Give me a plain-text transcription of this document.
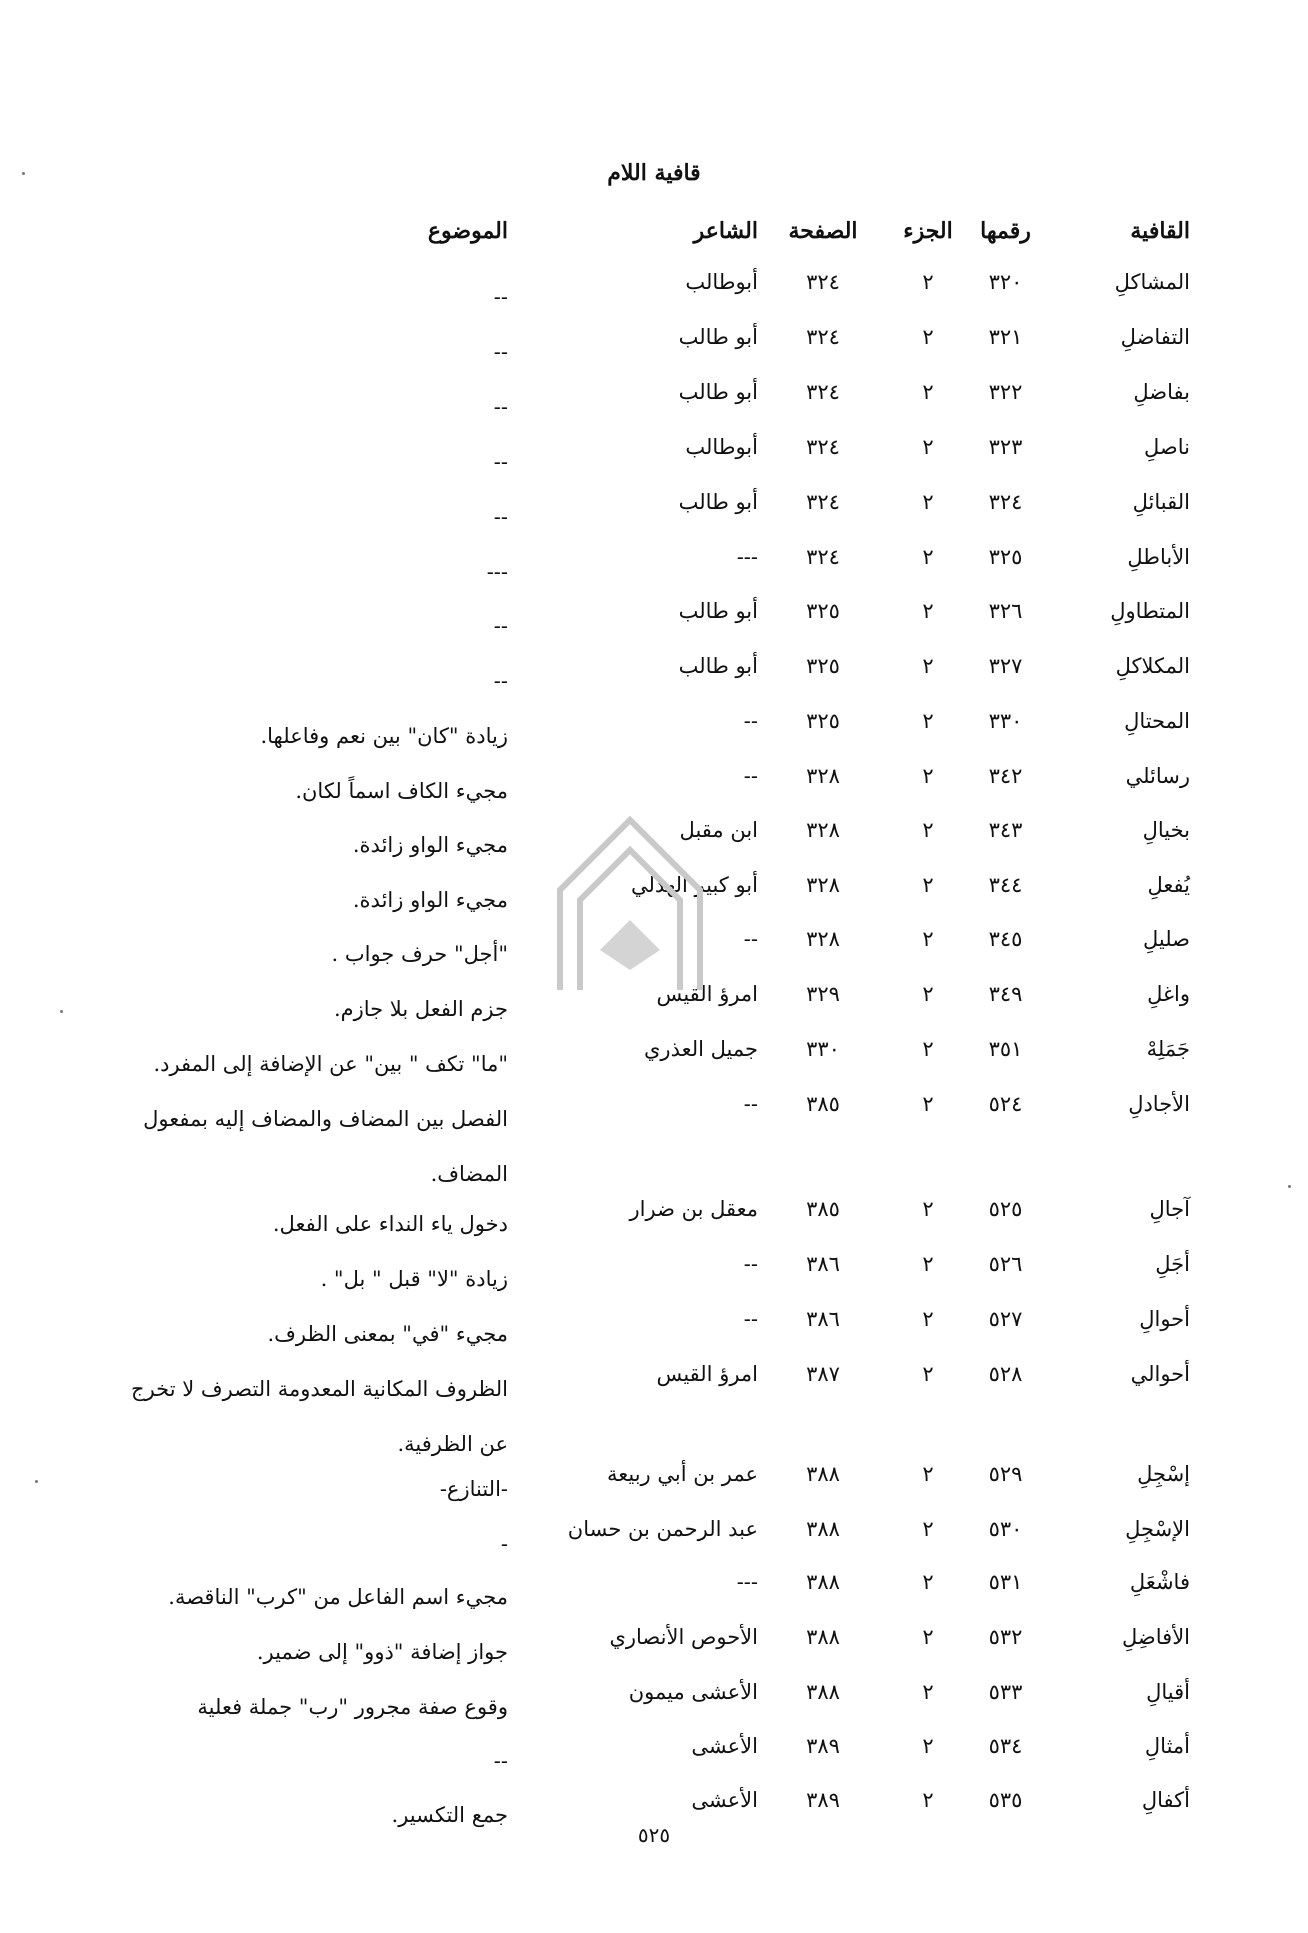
قافية اللام
القافية
رقمها
الجزء
الصفحة
الشاعر
الموضوع
المشاكلِ
٣٢٠
٢
٣٢٤
أبوطالب
--
التفاضلِ
٣٢١
٢
٣٢٤
أبو طالب
--
بفاضلِ
٣٢٢
٢
٣٢٤
أبو طالب
--
ناصلِ
٣٢٣
٢
٣٢٤
أبوطالب
--
القبائلِ
٣٢٤
٢
٣٢٤
أبو طالب
--
الأباطلِ
٣٢٥
٢
٣٢٤
---
---
المتطاولِ
٣٢٦
٢
٣٢٥
أبو طالب
--
المكلاكلِ
٣٢٧
٢
٣٢٥
أبو طالب
--
المحتالِ
٣٣٠
٢
٣٢٥
--
زيادة "كان" بين نعم وفاعلها.
رسائلي
٣٤٢
٢
٣٢٨
--
مجيء الكاف اسماً لكان.
بخيالِ
٣٤٣
٢
٣٢٨
ابن مقبل
مجيء الواو زائدة.
يُفعلِ
٣٤٤
٢
٣٢٨
أبو كبير الهذلي
مجيء الواو زائدة.
صليلِ
٣٤٥
٢
٣٢٨
--
"أجل" حرف جواب .
واغلِ
٣٤٩
٢
٣٢٩
امرؤ القيس
جزم الفعل بلا جازم.
جَمَلِهْ
٣٥١
٢
٣٣٠
جميل العذري
"ما" تكف " بين" عن الإضافة إلى المفرد.
الأجادلِ
٥٢٤
٢
٣٨٥
--
الفصل بين المضاف والمضاف إليه بمفعول المضاف.
آجالِ
٥٢٥
٢
٣٨٥
معقل بن ضرار
دخول ياء النداء على الفعل.
أجَلِ
٥٢٦
٢
٣٨٦
--
زيادة "لا" قبل " بل" .
أحوالِ
٥٢٧
٢
٣٨٦
--
مجيء "في" بمعنى الظرف.
أحوالي
٥٢٨
٢
٣٨٧
امرؤ القيس
الظروف المكانية المعدومة التصرف لا تخرج عن الظرفية.
إسْجِلِ
٥٢٩
٢
٣٨٨
عمر بن أبي ربيعة
-التنازع-
الإسْجِلِ
٥٣٠
٢
٣٨٨
عبد الرحمن بن حسان
-
فاشْعَلِ
٥٣١
٢
٣٨٨
---
مجيء اسم الفاعل من "كرب" الناقصة.
الأفاضِلِ
٥٣٢
٢
٣٨٨
الأحوص الأنصاري
جواز إضافة "ذوو" إلى ضمير.
أقيالِ
٥٣٣
٢
٣٨٨
الأعشى ميمون
وقوع صفة مجرور "رب" جملة فعلية
أمثالِ
٥٣٤
٢
٣٨٩
الأعشى
--
أكفالِ
٥٣٥
٢
٣٨٩
الأعشى
جمع التكسير.
٥٢٥
